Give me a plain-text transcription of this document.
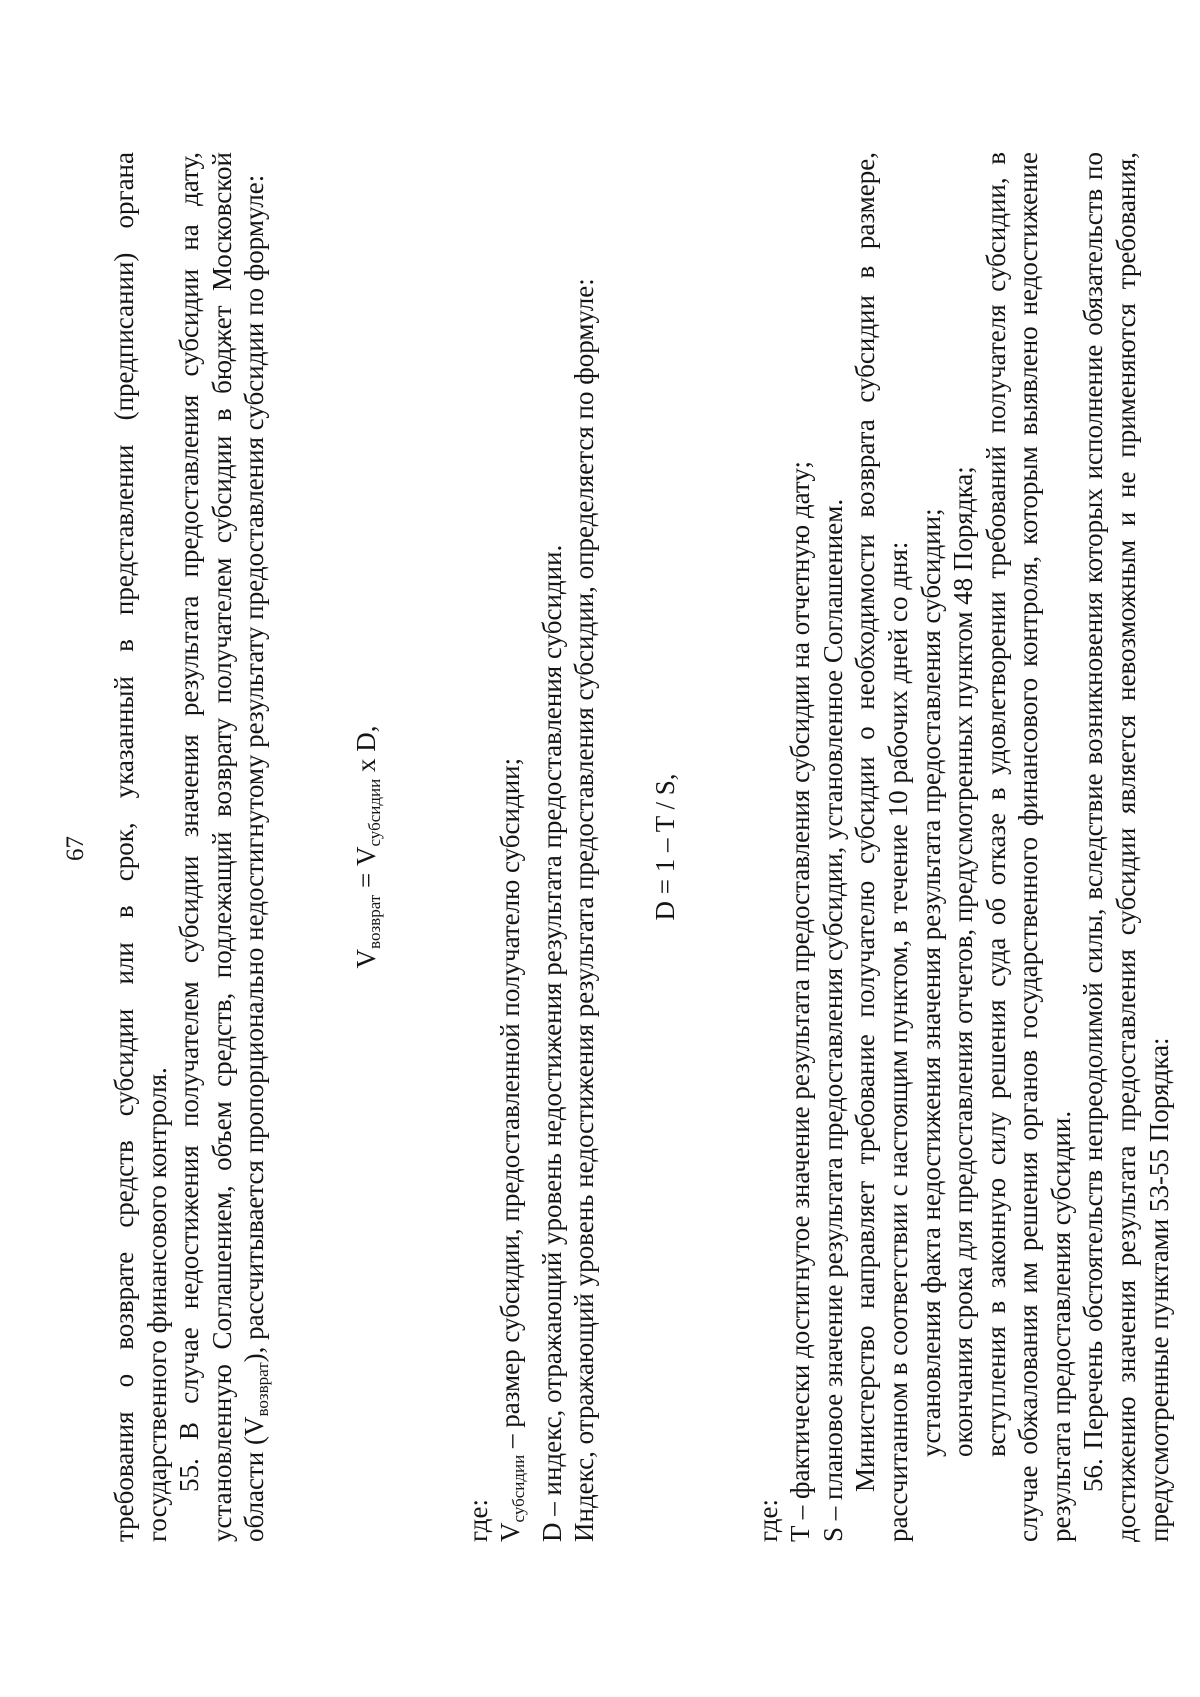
67 требования о возврате средств субсидии или в срок, указанный в представлении (предписании) органа государственного финансового контроля. 55. В случае недостижения получателем субсидии значения результата предоставления субсидии на дату, установленную Соглашением, объем средств, подлежащий возврату получателем субсидии в бюджет Московской области $(V_{возврат})$, рассчитывается пропорционально недостигнутому результату предоставления субсидии по формуле:	$V_{возврат} = V_{субсидии}$ x D,

где: $V_{субсидии}$ – размер субсидии, предоставленной получателю субсидии; D – индекс, отражающий уровень недостижения результата предоставления субсидии. Индекс, отражающий уровень недостижения результата предоставления субсидии, определяется по формуле: D = 1 – T / S,

где: T – фактически достигнутое значение результата предоставления субсидии на отчетную дату; S – плановое значение результата предоставления субсидии, установленное Соглашением. Министерство направляет требование получателю субсидии о необходимости возврата субсидии в размере, рассчитанном в соответствии с настоящим пунктом, в течение 10 рабочих дней со дня: установления факта недостижения значения результата предоставления субсидии; окончания срока для предоставления отчетов, предусмотренных пунктом 48 Порядка; вступления в законную силу решения суда об отказе в удовлетворении требований получателя субсидии, в случае обжалования им решения органов государственного финансового контроля, которым выявлено недостижение результата предоставления субсидии. 56. Перечень обстоятельств непреодолимой силы, вследствие возникновения которых исполнение обязательств по достижению значения результата предоставления субсидии является невозможным и не применяются требования, предусмотренные пунктами 53-55 Порядка:
